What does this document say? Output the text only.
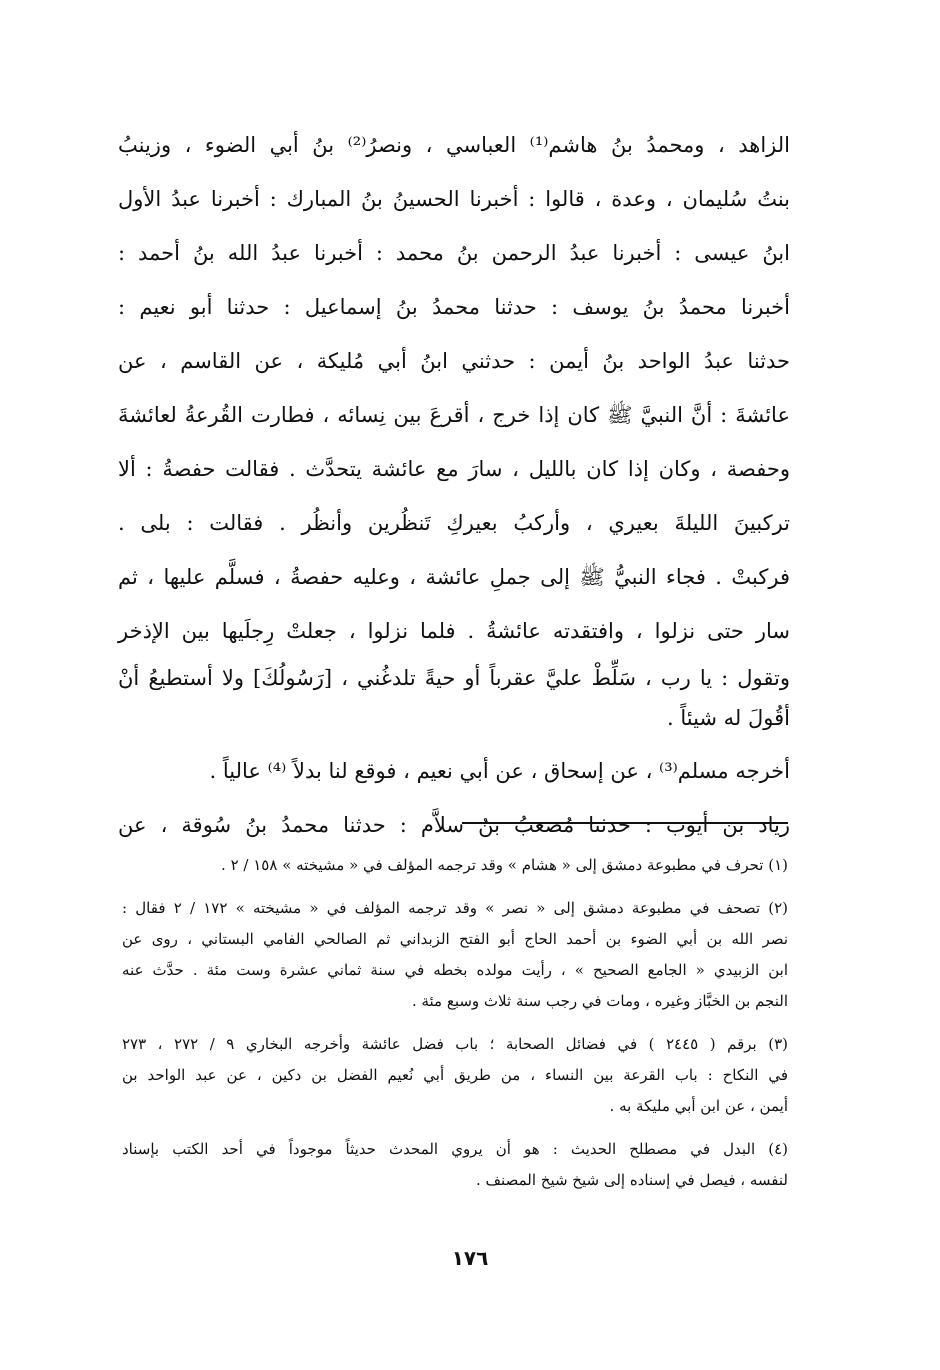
الزاهد ، ومحمدُ بنُ هاشم⁽¹⁾ العباسي ، ونصرُ⁽²⁾ بنُ أبي الضوء ، وزينبُ
بنتُ سُليمان ، وعدة ، قالوا : أخبرنا الحسينُ بنُ المبارك : أخبرنا عبدُ الأول
ابنُ عيسى : أخبرنا عبدُ الرحمن بنُ محمد : أخبرنا عبدُ الله بنُ أحمد :
أخبرنا محمدُ بنُ يوسف : حدثنا محمدُ بنُ إسماعيل : حدثنا أبو نعيم :
حدثنا عبدُ الواحد بنُ أيمن : حدثني ابنُ أبي مُليكة ، عن القاسم ، عن
عائشةَ : أنَّ النبيَّ ﷺ كان إذا خرج ، أقرعَ بين نِسائه ، فطارت القُرعةُ لعائشةَ
وحفصة ، وكان إذا كان بالليل ، سارَ مع عائشة يتحدَّث . فقالت حفصةُ : ألا
تركبينَ الليلةَ بعيري ، وأركبُ بعيركِ تَنظُرين وأنظُر . فقالت : بلى .
فركبتْ . فجاء النبيُّ ﷺ إلى جملِ عائشة ، وعليه حفصةُ ، فسلَّم عليها ، ثم
سار حتى نزلوا ، وافتقدته عائشةُ . فلما نزلوا ، جعلتْ رِجلَيها بين الإذخر
وتقول : يا رب ، سَلِّطْ عليَّ عقرباً أو حيةً تلدغُني ، [رَسُولُكَ] ولا أستطيعُ أنْ
أقُولَ له شيئاً .
أخرجه مسلم⁽³⁾ ، عن إسحاق ، عن أبي نعيم ، فوقع لنا بدلاً ⁽⁴⁾ عالياً .
زياد بن أيوب : حدثنا مُصعبُ بنُ سلاَّم : حدثنا محمدُ بنُ سُوقة ، عن
(١) تحرف في مطبوعة دمشق إلى « هشام » وقد ترجمه المؤلف في « مشيخته » ١٥٨ / ٢ .
(٢) تصحف في مطبوعة دمشق إلى « نصر » وقد ترجمه المؤلف في « مشيخته » ١٧٢ / ٢ فقال :
نصر الله بن أبي الضوء بن أحمد الحاج أبو الفتح الزبداني ثم الصالحي الفامي البستاني ، روى عن
ابن الزبيدي « الجامع الصحيح » ، رأيت مولده بخطه في سنة ثماني عشرة وست مئة . حدَّث عنه
النجم بن الخبَّاز وغيره ، ومات في رجب سنة ثلاث وسبع مئة .
(٣) برقم ( ٢٤٤٥ ) في فضائل الصحابة ؛ باب فضل عائشة وأخرجه البخاري ٩ / ٢٧٢ ، ٢٧٣
في النكاح : باب القرعة بين النساء ، من طريق أبي نُعيم الفضل بن دكين ، عن عبد الواحد بن
أيمن ، عن ابن أبي مليكة به .
(٤) البدل في مصطلح الحديث : هو أن يروي المحدث حديثاً موجوداً في أحد الكتب بإسناد
لنفسه ، فيصل في إسناده إلى شيخ شيخ المصنف .
١٧٦
